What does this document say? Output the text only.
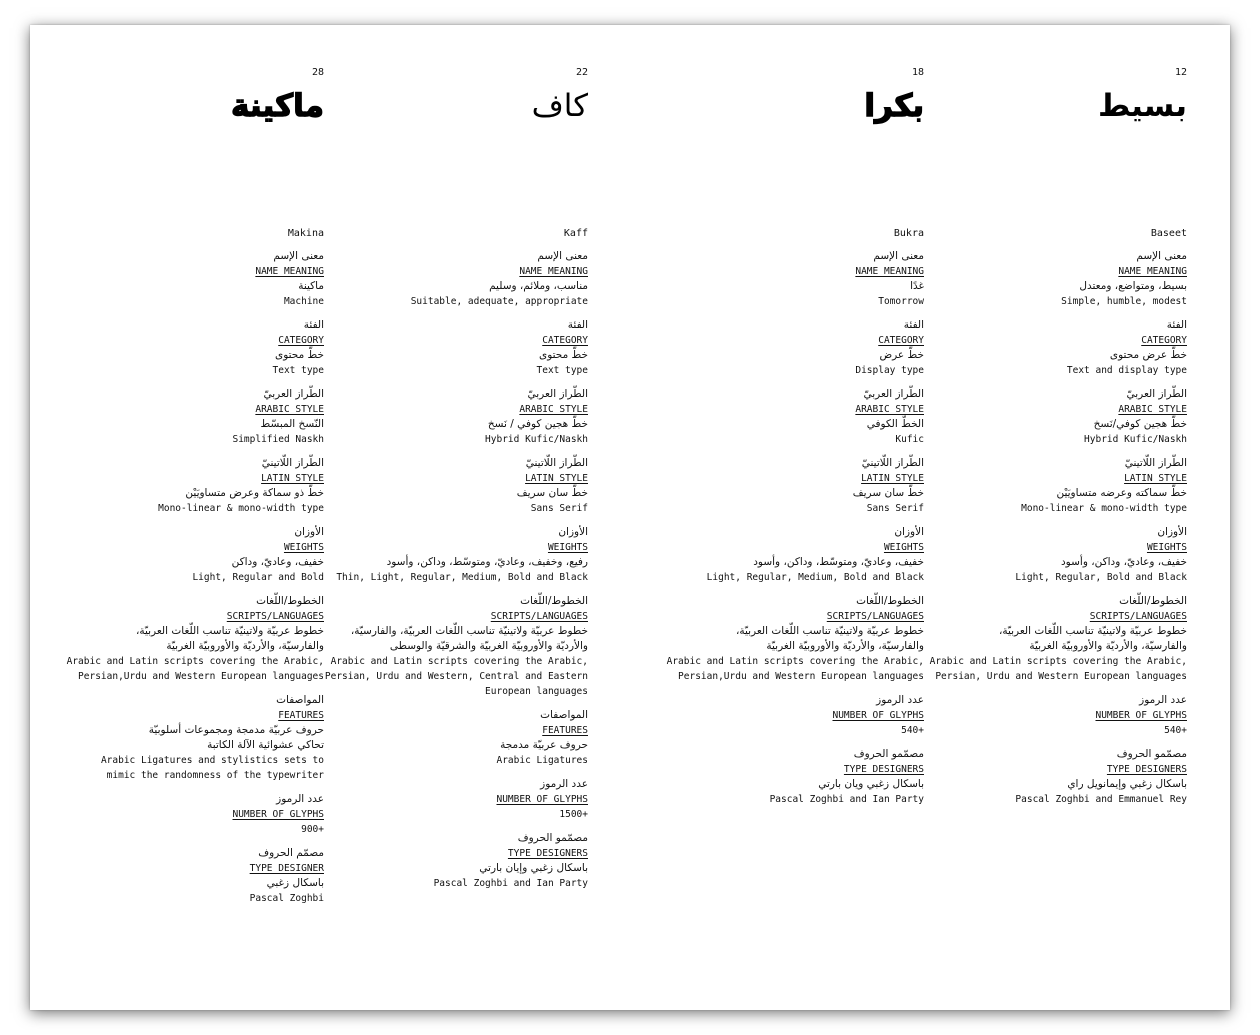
28
ماكينة
Makina
معنى الإسم
NAME MEANING
ماكينة
Machine
الفئة
CATEGORY
خطّ محتوى
Text type
الطّراز العربيّ
ARABIC STYLE
النّسخ المبسّط
Simplified Naskh
الطّراز اللّاتينيّ
LATIN STYLE
خطّ ذو سماكة وعرض متساويَيْن
Mono-linear & mono-width type
الأوزان
WEIGHTS
خفيف، وعاديّ، وداكن
Light, Regular and Bold
الخطوط/اللّغات
SCRIPTS/LANGUAGES
خطوط عربيّة ولاتينيّة تناسب اللّغات العربيّة،
والفارسيّة، والأرديّة والأوروبيّة الغربيّة
Arabic and Latin scripts covering the Arabic,
Persian,Urdu and Western European languages
المواصفات
FEATURES
حروف عربيّة مدمجة ومجموعات أسلوبيّة
تحاكي عشوائية الآلة الكاتبة
Arabic Ligatures and stylistics sets to
mimic the randomness of the typewriter
عدد الرموز
NUMBER OF GLYPHS
900+
مصمّم الحروف
TYPE DESIGNER
باسكال زغبي
Pascal Zoghbi
22
كاف
Kaff
معنى الإسم
NAME MEANING
مناسب، وملائم، وسليم
Suitable, adequate, appropriate
الفئة
CATEGORY
خطّ محتوى
Text type
الطّراز العربيّ
ARABIC STYLE
خطّ هجين كوفي / نَسخ
Hybrid Kufic/Naskh
الطّراز اللّاتينيّ
LATIN STYLE
خطّ سان سريف
Sans Serif
الأوزان
WEIGHTS
رفيع، وخفيف، وعاديّ، ومتوسّط، وداكن، وأسود
Thin, Light, Regular, Medium, Bold and Black
الخطوط/اللّغات
SCRIPTS/LANGUAGES
خطوط عربيّة ولاتينيّة تناسب اللّغات العربيّة، والفارسيّة،
والأرديّة والأوروبيّة الغربيّة والشرقيّة والوسطى
Arabic and Latin scripts covering the Arabic,
Persian, Urdu and Western, Central and Eastern
European languages
المواصفات
FEATURES
حروف عربيّة مدمجة
Arabic Ligatures
عدد الرموز
NUMBER OF GLYPHS
1500+
مصمّمو الحروف
TYPE DESIGNERS
باسكال زغبي وإيان بارتي
Pascal Zoghbi and Ian Party
18
بكرا
Bukra
معنى الإسم
NAME MEANING
غدًا
Tomorrow
الفئة
CATEGORY
خطّ عرض
Display type
الطّراز العربيّ
ARABIC STYLE
الخطّ الكوفي
Kufic
الطّراز اللّاتينيّ
LATIN STYLE
خطّ سان سريف
Sans Serif
الأوزان
WEIGHTS
خفيف، وعاديّ، ومتوسّط، وداكن، وأسود
Light, Regular, Medium, Bold and Black
الخطوط/اللّغات
SCRIPTS/LANGUAGES
خطوط عربيّة ولاتينيّة تناسب اللّغات العربيّة،
والفارسيّة، والأرديّة والأوروبيّة الغربيّة
Arabic and Latin scripts covering the Arabic,
Persian,Urdu and Western European languages
عدد الرموز
NUMBER OF GLYPHS
540+
مصمّمو الحروف
TYPE DESIGNERS
باسكال زغبي ويان بارتي
Pascal Zoghbi and Ian Party
12
بسيط
Baseet
معنى الإسم
NAME MEANING
بسيط، ومتواضع، ومعتدل
Simple, humble, modest
الفئة
CATEGORY
خطّ عرض محتوى
Text and display type
الطّراز العربيّ
ARABIC STYLE
خطّ هجين كوفي/نَسخ
Hybrid Kufic/Naskh
الطّراز اللّاتينيّ
LATIN STYLE
خطّ سماكته وعرضه متساويَيْن
Mono-linear & mono-width type
الأوزان
WEIGHTS
خفيف، وعاديّ، وداكن، وأسود
Light, Regular, Bold and Black
الخطوط/اللّغات
SCRIPTS/LANGUAGES
خطوط عربيّة ولاتينيّة تناسب اللّغات العربيّة،
والفارسيّة، والأرديّة والأوروبيّة الغربيّة
Arabic and Latin scripts covering the Arabic,
Persian, Urdu and Western European languages
عدد الرموز
NUMBER OF GLYPHS
540+
مصمّمو الحروف
TYPE DESIGNERS
باسكال زغبي وإيمانويل راي
Pascal Zoghbi and Emmanuel Rey
